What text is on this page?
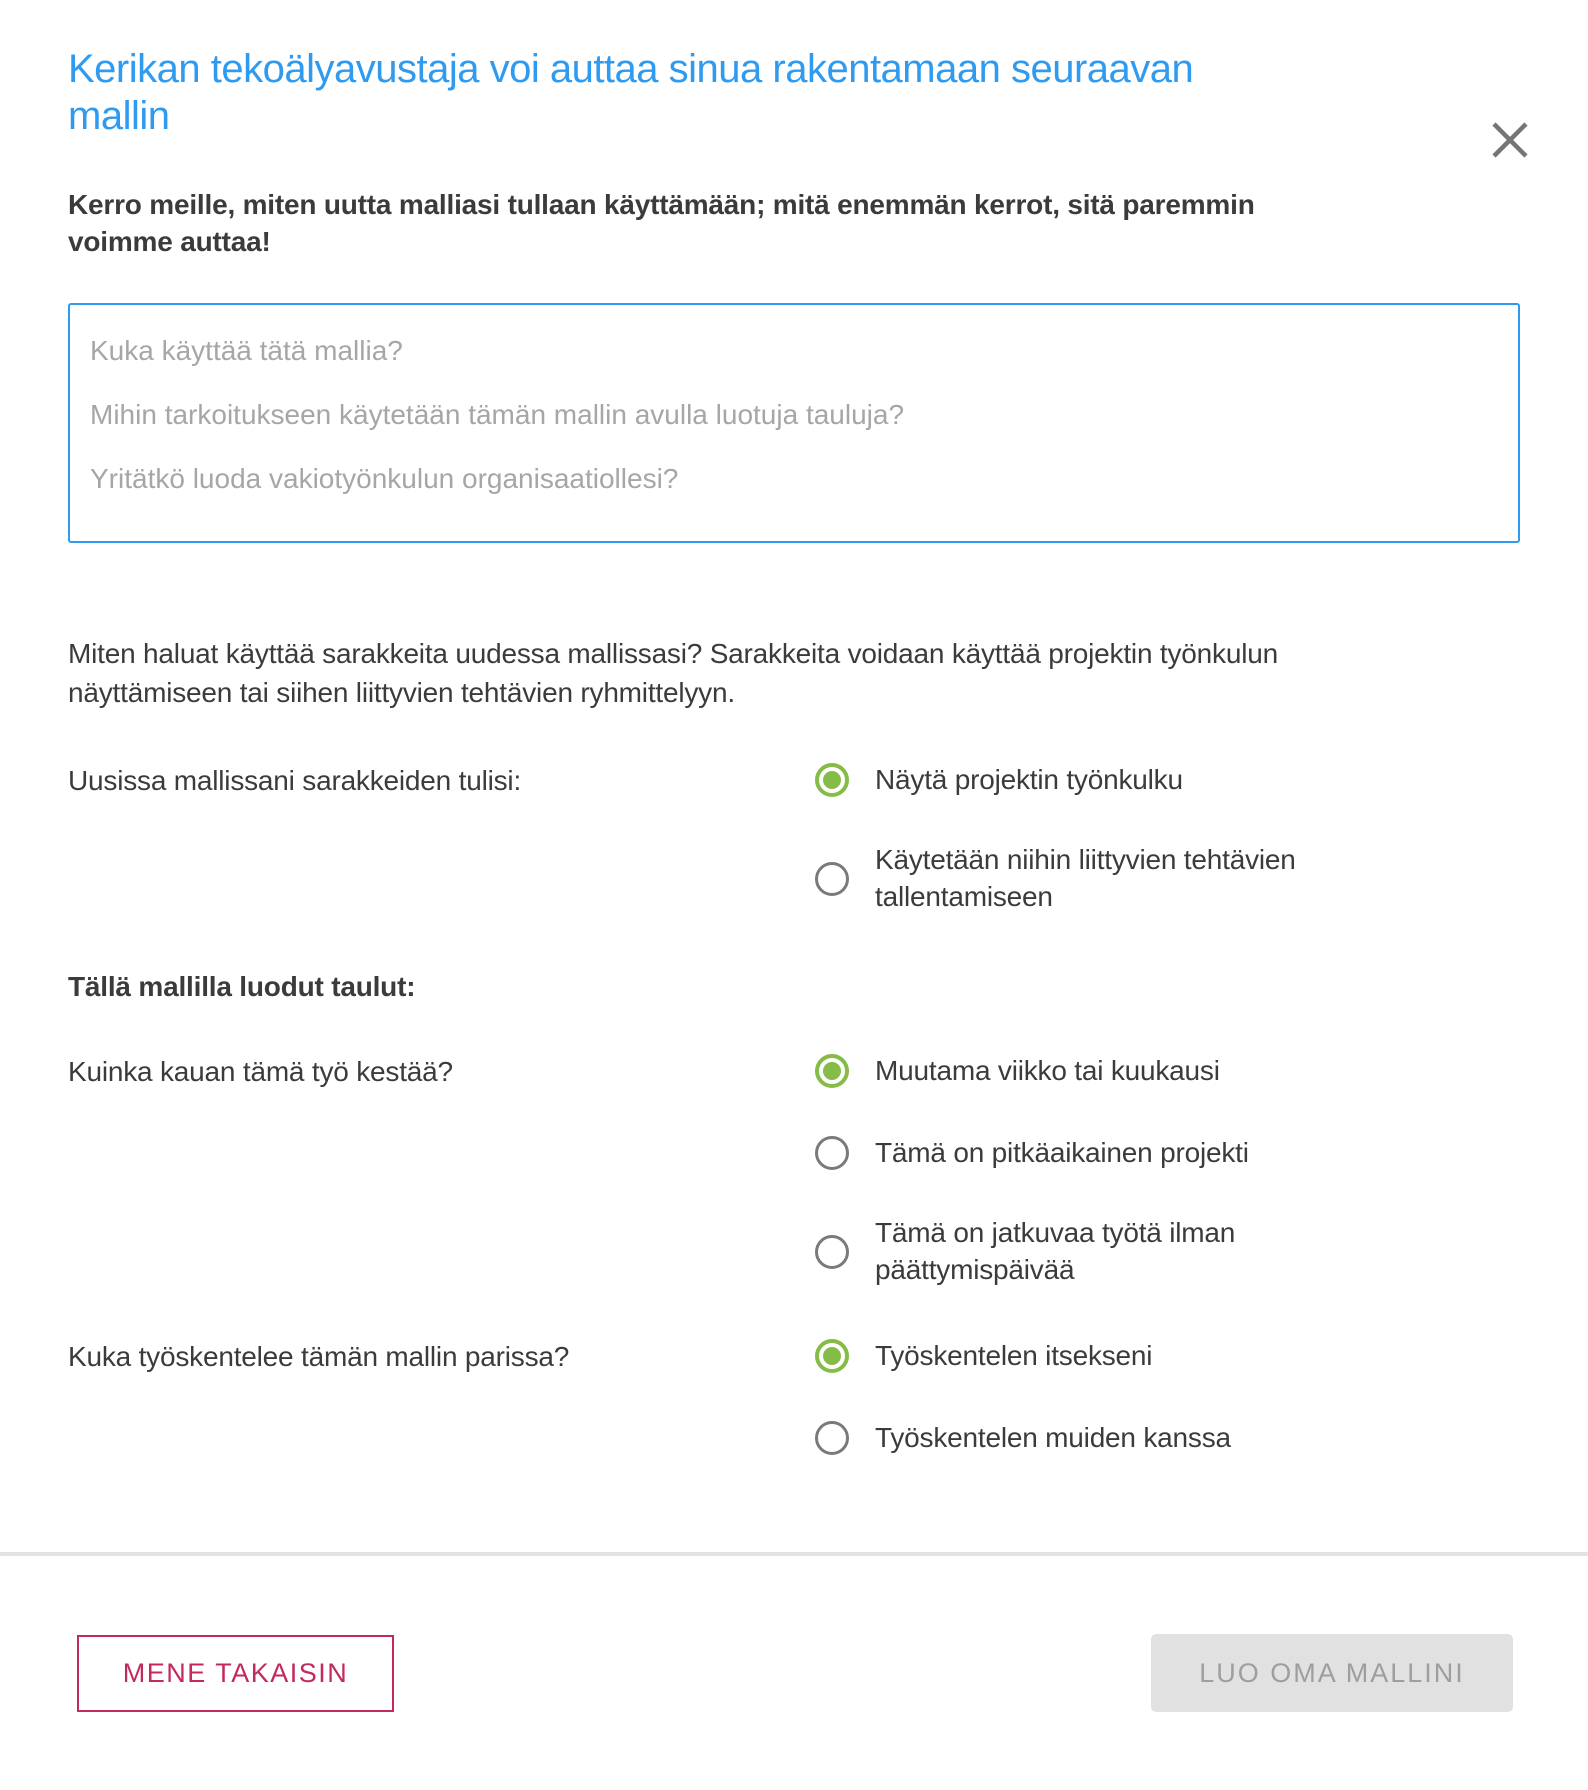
Kerikan tekoälyavustaja voi auttaa sinua rakentamaan seuraavan mallin

Kerro meille, miten uutta malliasi tullaan käyttämään; mitä enemmän kerrot, sitä paremmin voimme auttaa!

Kuka käyttää tätä mallia? Mihin tarkoitukseen käytetään tämän mallin avulla luotuja tauluja? Yritätkö luoda vakiotyönkulun organisaatiollesi?

Miten haluat käyttää sarakkeita uudessa mallissasi? Sarakkeita voidaan käyttää projektin työnkulun näyttämiseen tai siihen liittyvien tehtävien ryhmittelyyn.

Uusissa mallissani sarakkeiden tulisi:	Näytä projektin työnkulku
Käytetään niihin liittyvien tehtävien tallentamiseen
Tällä mallilla luodut taulut:
Kuinka kauan tämä työ kestää?	Muutama viikko tai kuukausi
Tämä on pitkäaikainen projekti
Tämä on jatkuvaa työtä ilman päättymispäivää
Kuka työskentelee tämän mallin parissa?	Työskentelen itsekseni
Työskentelen muiden kanssa
MENE TAKAISIN	LUO OMA MALLINI
